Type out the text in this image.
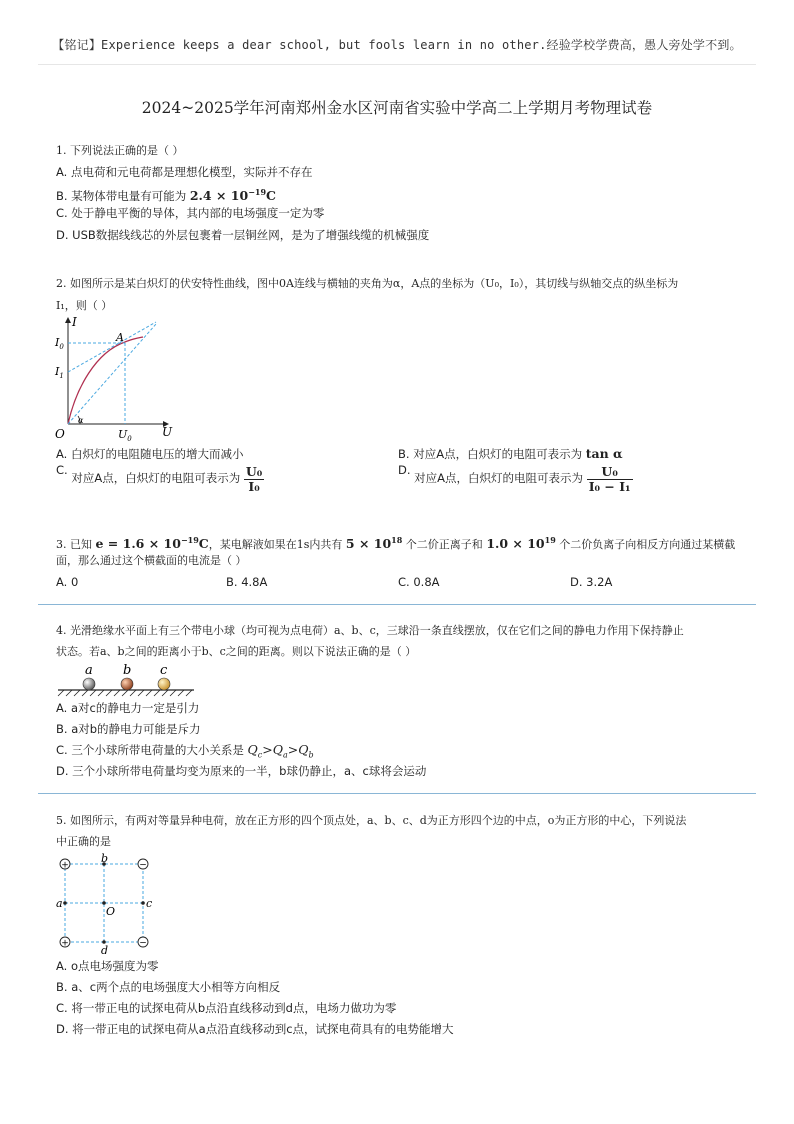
【铭记】Experience keeps a dear school, but fools learn in no other.经验学校学费高，愚人旁处学不到。
2024~2025学年河南郑州金水区河南省实验中学高二上学期月考物理试卷
1. 下列说法正确的是（ ）
A. 点电荷和元电荷都是理想化模型，实际并不存在
B. 某物体带电量有可能为 $2.4 \times 10^{-19}C$
C. 处于静电平衡的导体，其内部的电场强度一定为零
D. USB数据线线芯的外层包裹着一层铜丝网，是为了增强线缆的机械强度
2. 如图所示是某白炽灯的伏安特性曲线，图中0A连线与横轴的夹角为α，A点的坐标为（U₀，I₀），其切线与纵轴交点的纵坐标为
I₁，则（ ）
I
U
O
A
$I_0$
$I_1$
$U_0$
α
A. 白炽灯的电阻随电压的增大而减小	B. 对应A点，白炽灯的电阻可表示为 tan α
C. 对应A点，白炽灯的电阻可表示为 $\frac{\text{U₀}}{\text{I₀}}$	D. 对应A点，白炽灯的电阻可表示为 $\frac{\text{U₀}}{\text{I₀ − I₁}}$
3. 已知 $e = 1.6 \times 10^{-19}C$，某电解液如果在1s内共有 $5 \times 10^{18}$ 个二价正离子和 $1.0 \times 10^{19}$ 个二价负离子向相反方向通过某横截
面，那么通过这个横截面的电流是（ ）
A. 0	B. 4.8A	C. 0.8A	D. 3.2A
4. 光滑绝缘水平面上有三个带电小球（均可视为点电荷）a、b、c，三球沿一条直线摆放，仅在它们之间的静电力作用下保持静止
状态。若a、b之间的距离小于b、c之间的距离。则以下说法正确的是（ ）
a b c
A. a对c的静电力一定是引力
B. a对b的静电力可能是斥力
C. 三个小球所带电荷量的大小关系是 $Q_c>Q_a>Q_b$
D. 三个小球所带电荷量均变为原来的一半，b球仍静止，a、c球将会运动
5. 如图所示，有两对等量异种电荷，放在正方形的四个顶点处，a、b、c、d为正方形四个边的中点，o为正方形的中心，下列说法
中正确的是
+	−
+	−
b
d
a	c
O
A. o点电场强度为零
B. a、c两个点的电场强度大小相等方向相反
C. 将一带正电的试探电荷从b点沿直线移动到d点，电场力做功为零
D. 将一带正电的试探电荷从a点沿直线移动到c点，试探电荷具有的电势能增大
